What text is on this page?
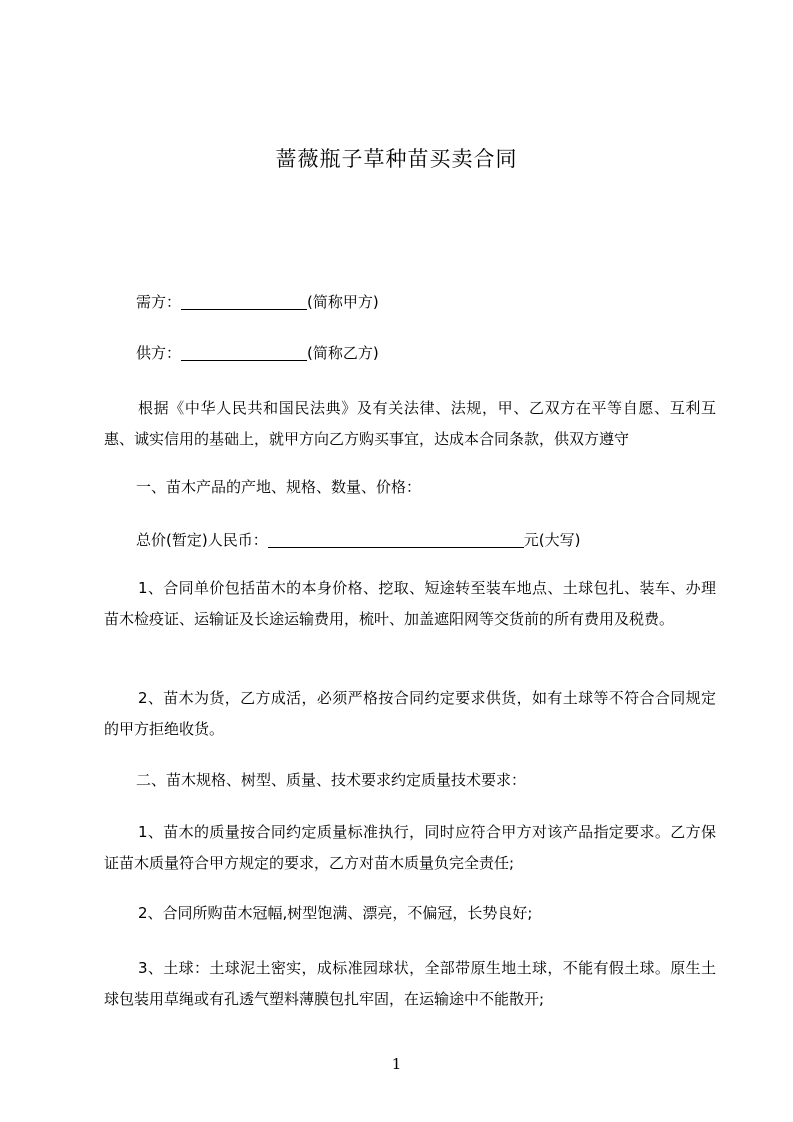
蔷薇瓶子草种苗买卖合同
需方：	(简称甲方)
供方：	(简称乙方)
根据《中华人民共和国民法典》及有关法律、法规，甲、乙双方在平等自愿、互利互惠、诚实信用的基础上，就甲方向乙方购买事宜，达成本合同条款，供双方遵守
一、苗木产品的产地、规格、数量、价格：
总价(暂定)人民币：	元(大写)
1、合同单价包括苗木的本身价格、挖取、短途转至装车地点、土球包扎、装车、办理苗木检疫证、运输证及长途运输费用，梳叶、加盖遮阳网等交货前的所有费用及税费。
2、苗木为货，乙方成活，必须严格按合同约定要求供货，如有土球等不符合合同规定的甲方拒绝收货。
二、苗木规格、树型、质量、技术要求约定质量技术要求：
1、苗木的质量按合同约定质量标准执行，同时应符合甲方对该产品指定要求。乙方保证苗木质量符合甲方规定的要求，乙方对苗木质量负完全责任;
2、合同所购苗木冠幅,树型饱满、漂亮，不偏冠，长势良好;
3、土球：土球泥土密实，成标准园球状，全部带原生地土球，不能有假土球。原生土球包装用草绳或有孔透气塑料薄膜包扎牢固，在运输途中不能散开;
1
